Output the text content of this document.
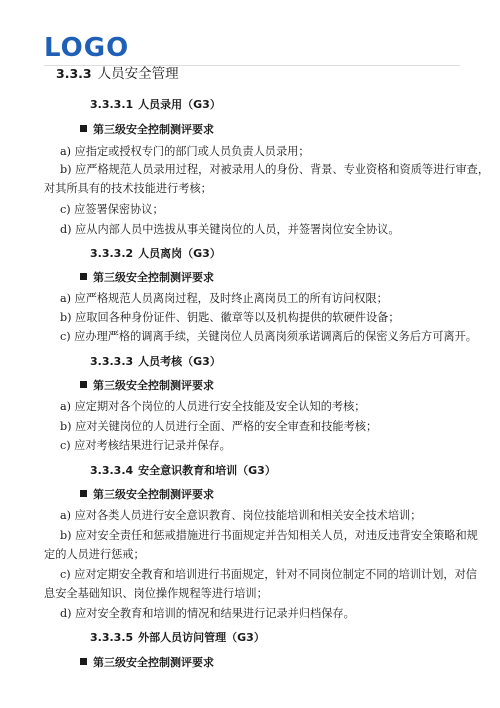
LOGO
3.3.3 人员安全管理
3.3.3.1 人员录用（G3）
第三级安全控制测评要求
a) 应指定或授权专门的部门或人员负责人员录用；
b) 应严格规范人员录用过程，对被录用人的身份、背景、专业资格和资质等进行审查，
对其所具有的技术技能进行考核；
c) 应签署保密协议；
d) 应从内部人员中选拔从事关键岗位的人员，并签署岗位安全协议。
3.3.3.2 人员离岗（G3）
第三级安全控制测评要求
a) 应严格规范人员离岗过程，及时终止离岗员工的所有访问权限；
b) 应取回各种身份证件、钥匙、徽章等以及机构提供的软硬件设备；
c) 应办理严格的调离手续，关键岗位人员离岗须承诺调离后的保密义务后方可离开。
3.3.3.3 人员考核（G3）
第三级安全控制测评要求
a) 应定期对各个岗位的人员进行安全技能及安全认知的考核；
b) 应对关键岗位的人员进行全面、严格的安全审查和技能考核；
c) 应对考核结果进行记录并保存。
3.3.3.4 安全意识教育和培训（G3）
第三级安全控制测评要求
a) 应对各类人员进行安全意识教育、岗位技能培训和相关安全技术培训；
b) 应对安全责任和惩戒措施进行书面规定并告知相关人员，对违反违背安全策略和规
定的人员进行惩戒；
c) 应对定期安全教育和培训进行书面规定，针对不同岗位制定不同的培训计划，对信
息安全基础知识、岗位操作规程等进行培训；
d) 应对安全教育和培训的情况和结果进行记录并归档保存。
3.3.3.5 外部人员访问管理（G3）
第三级安全控制测评要求
